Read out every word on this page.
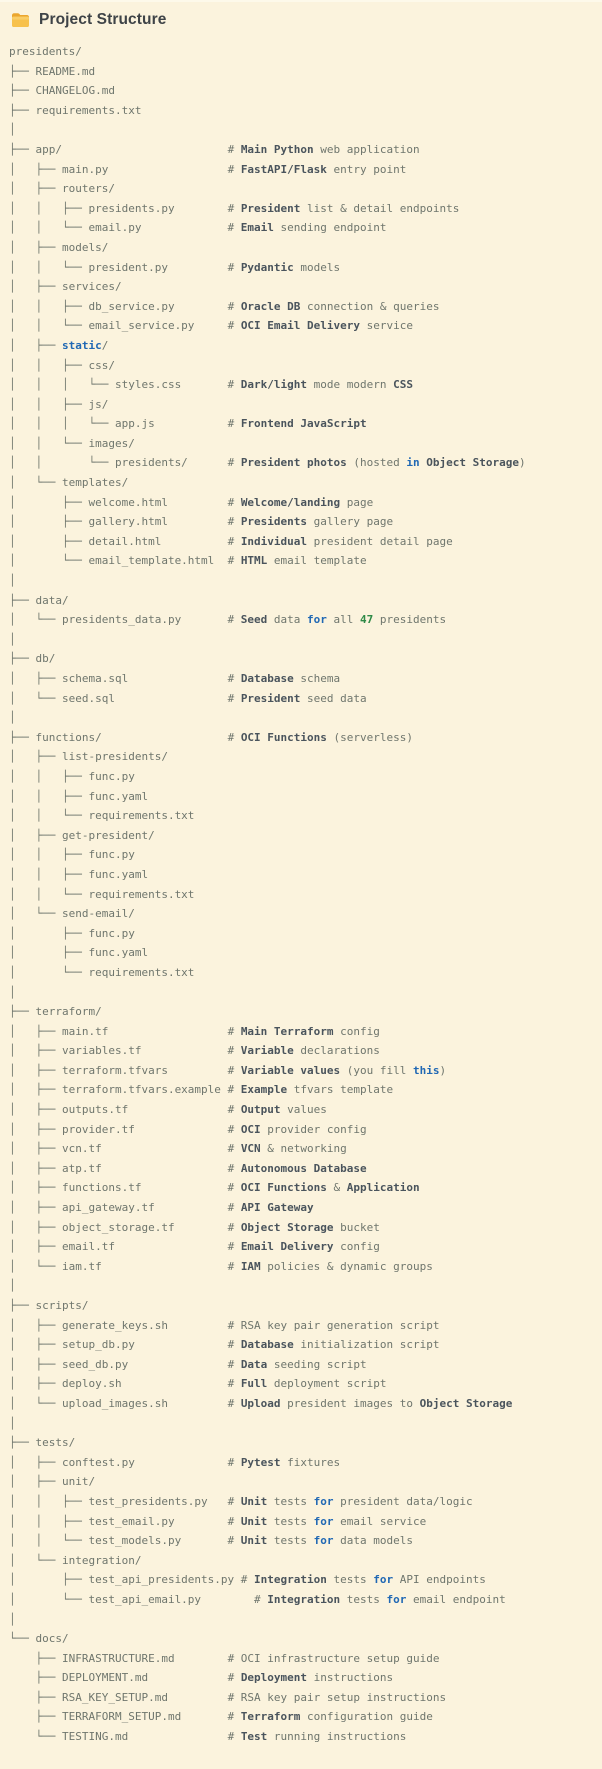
Project Structure
presidents/
├── README.md
├── CHANGELOG.md
├── requirements.txt
│
├── app/	# Main Python web application
│   ├── main.py	# FastAPI/Flask entry point
│   ├── routers/
│   │   ├── presidents.py	# President list & detail endpoints
│   │   └── email.py	# Email sending endpoint
│   ├── models/
│   │   └── president.py	# Pydantic models
│   ├── services/
│   │   ├── db_service.py	# Oracle DB connection & queries
│   │   └── email_service.py	# OCI Email Delivery service
│   ├── static/
│   │   ├── css/
│   │   │   └── styles.css	# Dark/light mode modern CSS
│   │   ├── js/
│   │   │   └── app.js	# Frontend JavaScript
│   │   └── images/
│   │       └── presidents/	# President photos (hosted in Object Storage)
│   └── templates/
│       ├── welcome.html	# Welcome/landing page
│       ├── gallery.html	# Presidents gallery page
│       ├── detail.html	# Individual president detail page
│       └── email_template.html # HTML email template
│
├── data/
│   └── presidents_data.py	# Seed data for all 47 presidents
│
├── db/
│   ├── schema.sql	# Database schema
│   └── seed.sql	# President seed data
│
├── functions/	# OCI Functions (serverless)
│   ├── list-presidents/
│   │   ├── func.py
│   │   ├── func.yaml
│   │   └── requirements.txt
│   ├── get-president/
│   │   ├── func.py
│   │   ├── func.yaml
│   │   └── requirements.txt
│   └── send-email/
│       ├── func.py
│       ├── func.yaml
│       └── requirements.txt
│
├── terraform/
│   ├── main.tf	# Main Terraform config
│   ├── variables.tf	# Variable declarations
│   ├── terraform.tfvars	# Variable values (you fill this)
│   ├── terraform.tfvars.example # Example tfvars template
│   ├── outputs.tf	# Output values
│   ├── provider.tf	# OCI provider config
│   ├── vcn.tf	# VCN & networking
│   ├── atp.tf	# Autonomous Database
│   ├── functions.tf	# OCI Functions & Application
│   ├── api_gateway.tf	# API Gateway
│   ├── object_storage.tf	# Object Storage bucket
│   ├── email.tf	# Email Delivery config
│   └── iam.tf	# IAM policies & dynamic groups
│
├── scripts/
│   ├── generate_keys.sh	# RSA key pair generation script
│   ├── setup_db.py	# Database initialization script
│   ├── seed_db.py	# Data seeding script
│   ├── deploy.sh	# Full deployment script
│   └── upload_images.sh	# Upload president images to Object Storage
│
├── tests/
│   ├── conftest.py	# Pytest fixtures
│   ├── unit/
│   │   ├── test_presidents.py # Unit tests for president data/logic
│   │   ├── test_email.py	# Unit tests for email service
│   │   └── test_models.py	# Unit tests for data models
│   └── integration/
│       ├── test_api_presidents.py # Integration tests for API endpoints
│       └── test_api_email.py	# Integration tests for email endpoint
│
└── docs/
├── INFRASTRUCTURE.md	# OCI infrastructure setup guide
├── DEPLOYMENT.md	# Deployment instructions
├── RSA_KEY_SETUP.md	# RSA key pair setup instructions
├── TERRAFORM_SETUP.md	# Terraform configuration guide
└── TESTING.md	# Test running instructions
